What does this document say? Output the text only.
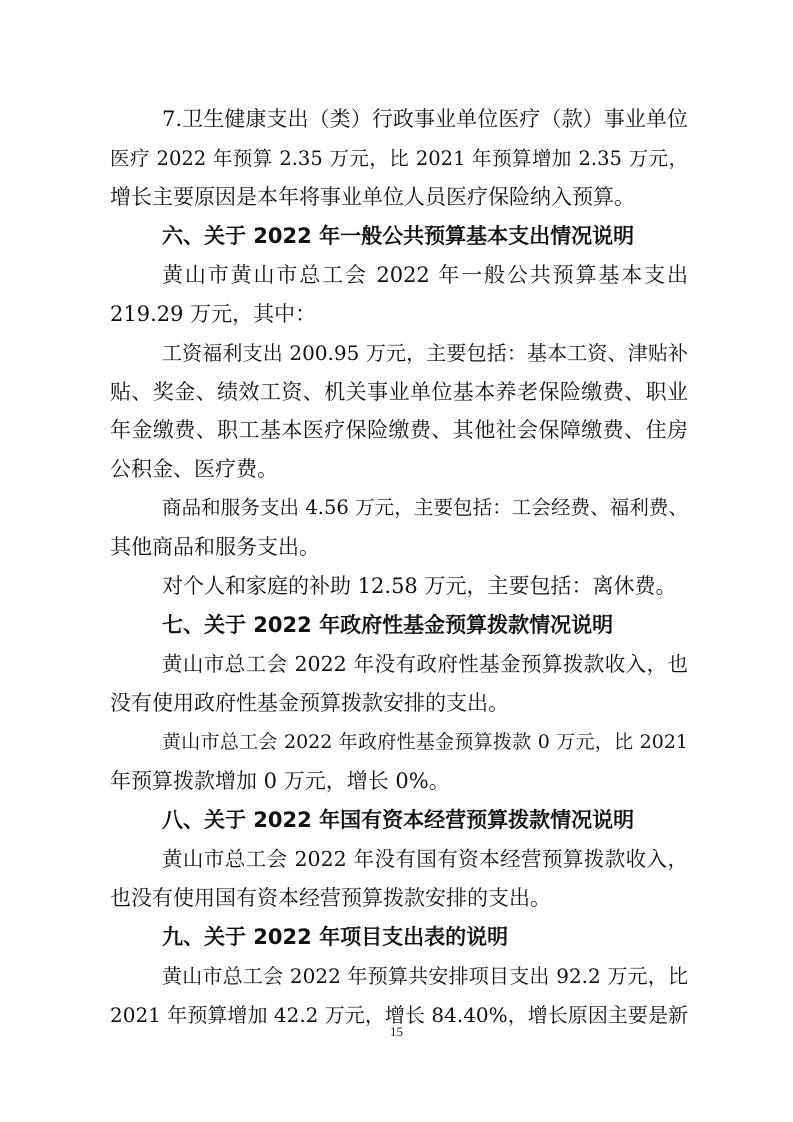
7.卫生健康支出（类）行政事业单位医疗（款）事业单位
医疗 2022 年预算 2.35 万元，比 2021 年预算增加 2.35 万元，
增长主要原因是本年将事业单位人员医疗保险纳入预算。
六、关于 2022 年一般公共预算基本支出情况说明
黄山市黄山市总工会 2022 年一般公共预算基本支出
219.29 万元，其中：
工资福利支出 200.95 万元，主要包括：基本工资、津贴补
贴、奖金、绩效工资、机关事业单位基本养老保险缴费、职业
年金缴费、职工基本医疗保险缴费、其他社会保障缴费、住房
公积金、医疗费。
商品和服务支出 4.56 万元，主要包括：工会经费、福利费、
其他商品和服务支出。
对个人和家庭的补助 12.58 万元，主要包括：离休费。
七、关于 2022 年政府性基金预算拨款情况说明
黄山市总工会 2022 年没有政府性基金预算拨款收入，也
没有使用政府性基金预算拨款安排的支出。
黄山市总工会 2022 年政府性基金预算拨款 0 万元，比 2021
年预算拨款增加 0 万元，增长 0%。
八、关于 2022 年国有资本经营预算拨款情况说明
黄山市总工会 2022 年没有国有资本经营预算拨款收入，
也没有使用国有资本经营预算拨款安排的支出。
九、关于 2022 年项目支出表的说明
黄山市总工会 2022 年预算共安排项目支出 92.2 万元，比
2021 年预算增加 42.2 万元，增长 84.40%，增长原因主要是新
15
